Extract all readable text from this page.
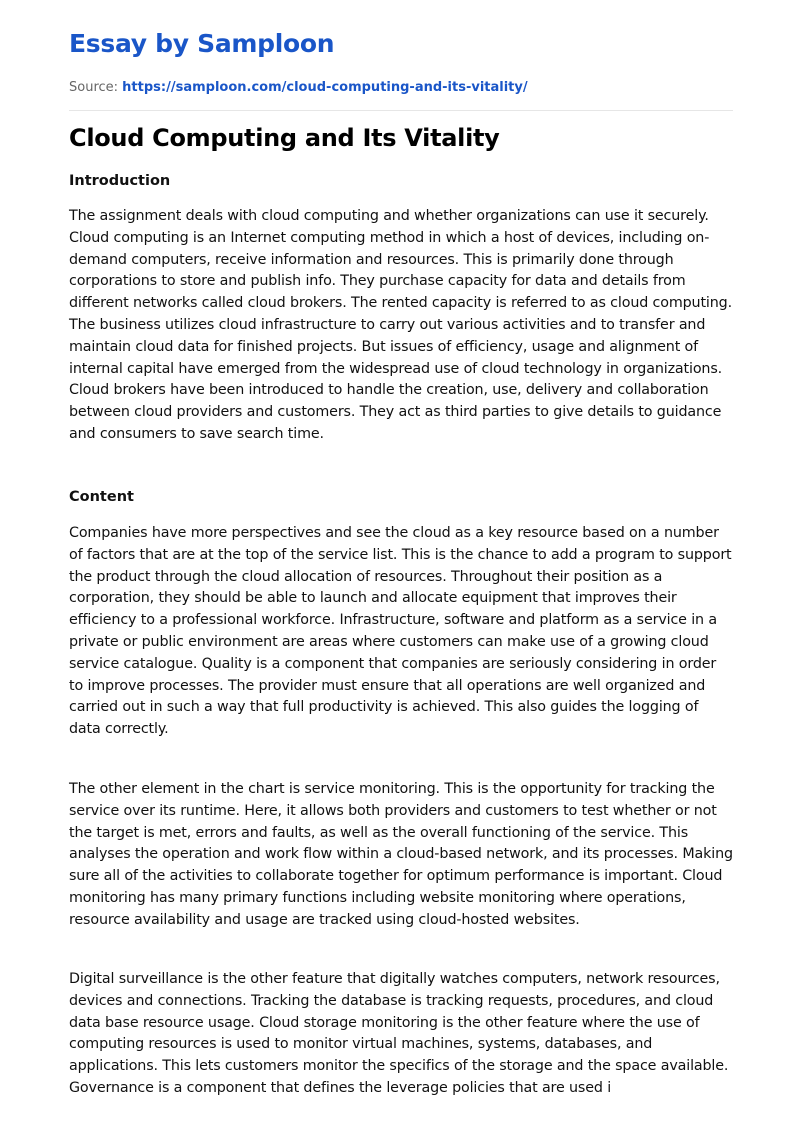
Essay by Samploon
Source: https://samploon.com/cloud-computing-and-its-vitality/
Cloud Computing and Its Vitality
Introduction

The assignment deals with cloud computing and whether organizations can use it securely. Cloud computing is an Internet computing method in which a host of devices, including on-demand computers, receive information and resources. This is primarily done through corporations to store and publish info. They purchase capacity for data and details from different networks called cloud brokers. The rented capacity is referred to as cloud computing. The business utilizes cloud infrastructure to carry out various activities and to transfer and maintain cloud data for finished projects. But issues of efficiency, usage and alignment of internal capital have emerged from the widespread use of cloud technology in organizations. Cloud brokers have been introduced to handle the creation, use, delivery and collaboration between cloud providers and customers. They act as third parties to give details to guidance and consumers to save search time.

Content

Companies have more perspectives and see the cloud as a key resource based on a number of factors that are at the top of the service list. This is the chance to add a program to support the product through the cloud allocation of resources. Throughout their position as a corporation, they should be able to launch and allocate equipment that improves their efficiency to a professional workforce. Infrastructure, software and platform as a service in a private or public environment are areas where customers can make use of a growing cloud service catalogue. Quality is a component that companies are seriously considering in order to improve processes. The provider must ensure that all operations are well organized and carried out in such a way that full productivity is achieved. This also guides the logging of data correctly.

The other element in the chart is service monitoring. This is the opportunity for tracking the service over its runtime. Here, it allows both providers and customers to test whether or not the target is met, errors and faults, as well as the overall functioning of the service. This analyses the operation and work flow within a cloud-based network, and its processes. Making sure all of the activities to collaborate together for optimum performance is important. Cloud monitoring has many primary functions including website monitoring where operations, resource availability and usage are tracked using cloud-hosted websites.

Digital surveillance is the other feature that digitally watches computers, network resources, devices and connections. Tracking the database is tracking requests, procedures, and cloud data base resource usage. Cloud storage monitoring is the other feature where the use of computing resources is used to monitor virtual machines, systems, databases, and applications. This lets customers monitor the specifics of the storage and the space available. Governance is a component that defines the leverage policies that are used i
